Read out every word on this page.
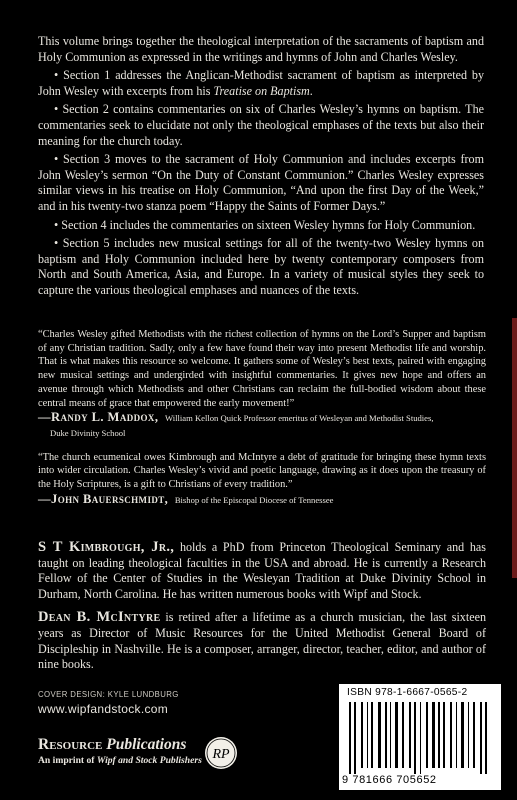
This volume brings together the theological interpretation of the sacraments of baptism and Holy Communion as expressed in the writings and hymns of John and Charles Wesley.

• Section 1 addresses the Anglican-Methodist sacrament of baptism as interpreted by John Wesley with excerpts from his Treatise on Baptism.

• Section 2 contains commentaries on six of Charles Wesley’s hymns on baptism. The commentaries seek to elucidate not only the theological emphases of the texts but also their meaning for the church today.

• Section 3 moves to the sacrament of Holy Communion and includes excerpts from John Wesley’s sermon “On the Duty of Constant Communion.” Charles Wesley expresses similar views in his treatise on Holy Communion, “And upon the first Day of the Week,” and in his twenty-two stanza poem “Happy the Saints of Former Days.”

• Section 4 includes the commentaries on sixteen Wesley hymns for Holy Communion.

• Section 5 includes new musical settings for all of the twenty-two Wesley hymns on baptism and Holy Communion included here by twenty contemporary composers from North and South America, Asia, and Europe. In a variety of musical styles they seek to capture the various theological emphases and nuances of the texts.

“Charles Wesley gifted Methodists with the richest collection of hymns on the Lord’s Supper and baptism of any Christian tradition. Sadly, only a few have found their way into present Methodist life and worship. That is what makes this resource so welcome. It gathers some of Wesley’s best texts, paired with engaging new musical settings and undergirded with insightful commentaries. It gives new hope and offers an avenue through which Methodists and other Christians can reclaim the full-bodied wisdom about these central means of grace that empowered the early movement!”

—Randy L. Maddox, William Kellon Quick Professor emeritus of Wesleyan and Methodist Studies,
Duke Divinity School

“The church ecumenical owes Kimbrough and McIntyre a debt of gratitude for bringing these hymn texts into wider circulation. Charles Wesley’s vivid and poetic language, drawing as it does upon the treasury of the Holy Scriptures, is a gift to Christians of every tradition.”

—John Bauerschmidt, Bishop of the Episcopal Diocese of Tennessee

S T Kimbrough, Jr., holds a PhD from Princeton Theological Seminary and has taught on leading theological faculties in the USA and abroad. He is currently a Research Fellow of the Center of Studies in the Wesleyan Tradition at Duke Divinity School in Durham, North Carolina. He has written numerous books with Wipf and Stock.

Dean B. McIntyre is retired after a lifetime as a church musician, the last sixteen years as Director of Music Resources for the United Methodist General Board of Discipleship in Nashville. He is a composer, arranger, director, teacher, editor, and author of nine books.

COVER DESIGN: KYLE LUNDBURG
www.wipfandstock.com
Resource Publications
An imprint of Wipf and Stock Publishers RP
ISBN 978-1-6667-0565-2
9 781666 705652
